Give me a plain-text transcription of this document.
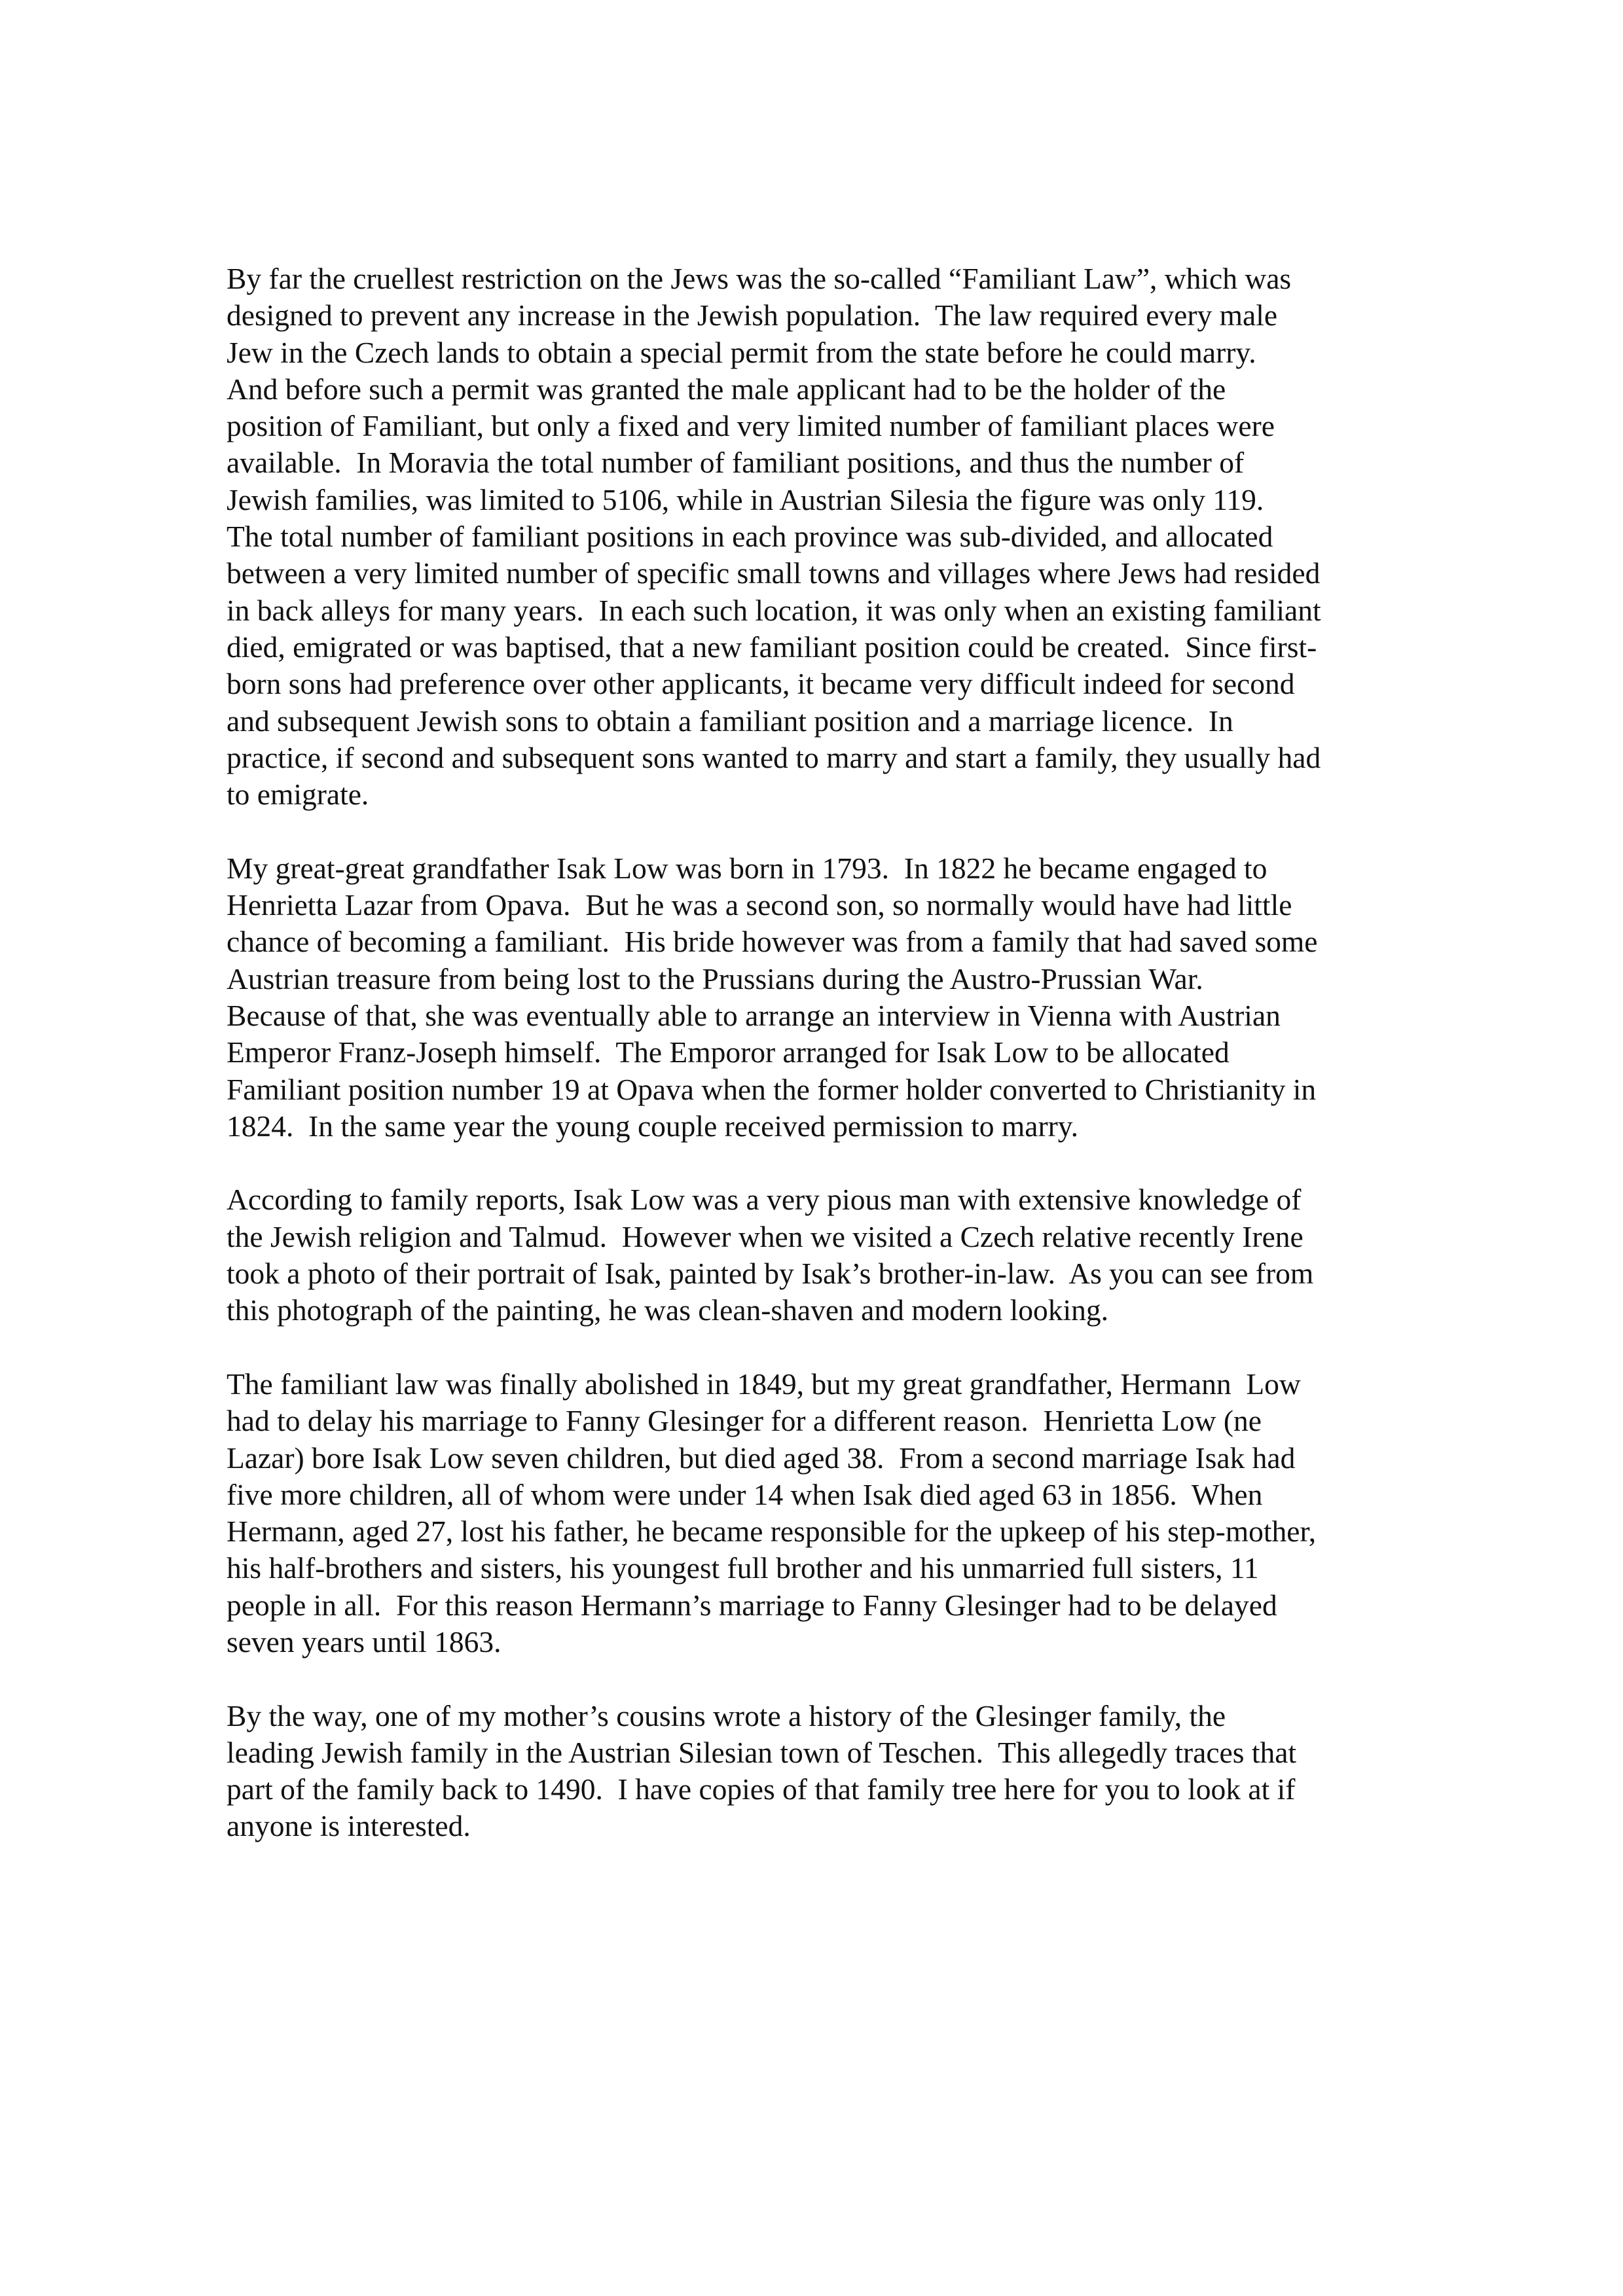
By far the cruellest restriction on the Jews was the so-called “Familiant Law”, which was
designed to prevent any increase in the Jewish population.  The law required every male
Jew in the Czech lands to obtain a special permit from the state before he could marry.
And before such a permit was granted the male applicant had to be the holder of the
position of Familiant, but only a fixed and very limited number of familiant places were
available.  In Moravia the total number of familiant positions, and thus the number of
Jewish families, was limited to 5106, while in Austrian Silesia the figure was only 119.
The total number of familiant positions in each province was sub-divided, and allocated
between a very limited number of specific small towns and villages where Jews had resided
in back alleys for many years.  In each such location, it was only when an existing familiant
died, emigrated or was baptised, that a new familiant position could be created.  Since first-
born sons had preference over other applicants, it became very difficult indeed for second
and subsequent Jewish sons to obtain a familiant position and a marriage licence.  In
practice, if second and subsequent sons wanted to marry and start a family, they usually had
to emigrate.
My great-great grandfather Isak Low was born in 1793.  In 1822 he became engaged to
Henrietta Lazar from Opava.  But he was a second son, so normally would have had little
chance of becoming a familiant.  His bride however was from a family that had saved some
Austrian treasure from being lost to the Prussians during the Austro-Prussian War.
Because of that, she was eventually able to arrange an interview in Vienna with Austrian
Emperor Franz-Joseph himself.  The Emporor arranged for Isak Low to be allocated
Familiant position number 19 at Opava when the former holder converted to Christianity in
1824.  In the same year the young couple received permission to marry.
According to family reports, Isak Low was a very pious man with extensive knowledge of
the Jewish religion and Talmud.  However when we visited a Czech relative recently Irene
took a photo of their portrait of Isak, painted by Isak’s brother-in-law.  As you can see from
this photograph of the painting, he was clean-shaven and modern looking.
The familiant law was finally abolished in 1849, but my great grandfather, Hermann  Low
had to delay his marriage to Fanny Glesinger for a different reason.  Henrietta Low (ne
Lazar) bore Isak Low seven children, but died aged 38.  From a second marriage Isak had
five more children, all of whom were under 14 when Isak died aged 63 in 1856.  When
Hermann, aged 27, lost his father, he became responsible for the upkeep of his step-mother,
his half-brothers and sisters, his youngest full brother and his unmarried full sisters, 11
people in all.  For this reason Hermann’s marriage to Fanny Glesinger had to be delayed
seven years until 1863.
By the way, one of my mother’s cousins wrote a history of the Glesinger family, the
leading Jewish family in the Austrian Silesian town of Teschen.  This allegedly traces that
part of the family back to 1490.  I have copies of that family tree here for you to look at if
anyone is interested.
